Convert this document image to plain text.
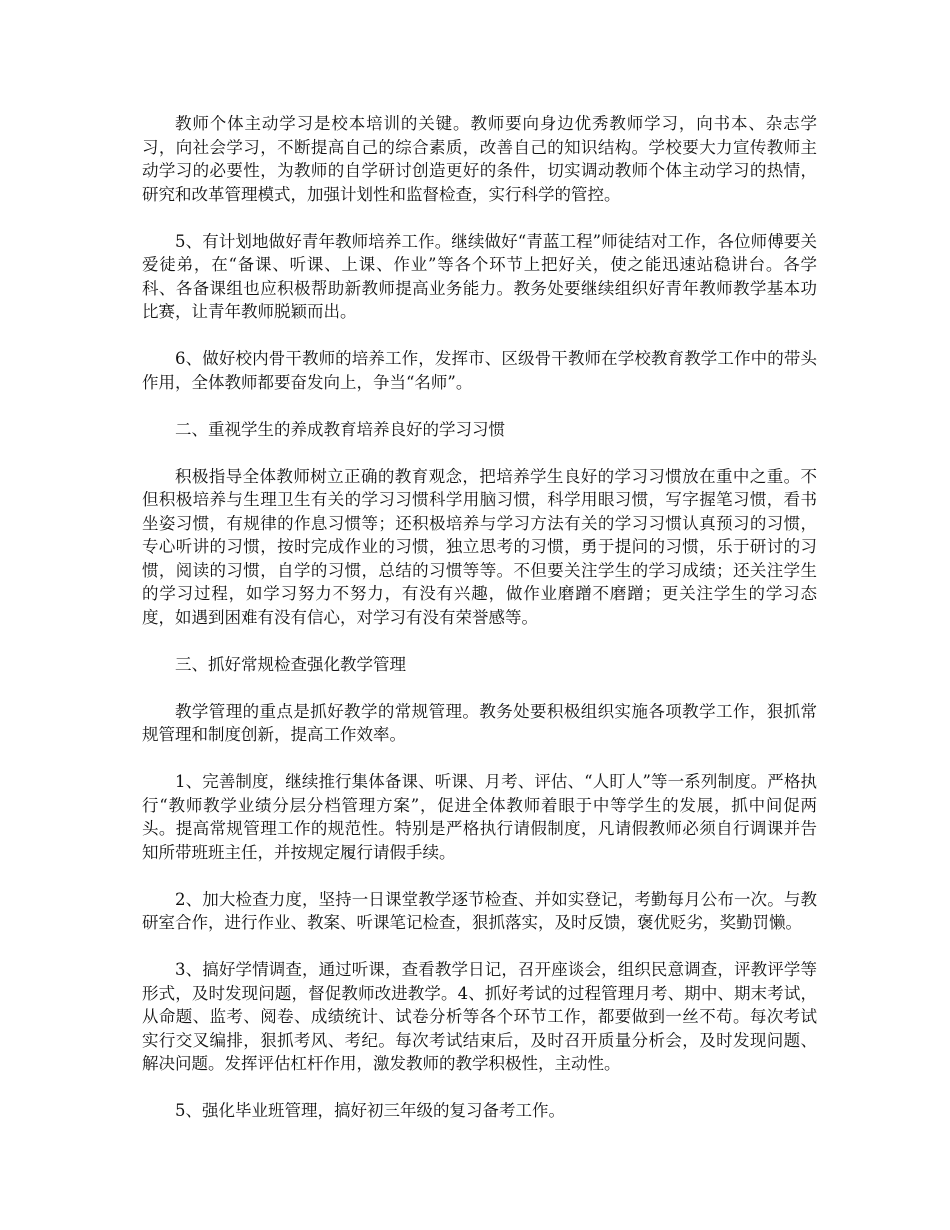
教师个体主动学习是校本培训的关键。教师要向身边优秀教师学习，向书本、杂志学习，向社会学习，不断提高自己的综合素质，改善自己的知识结构。学校要大力宣传教师主动学习的必要性，为教师的自学研讨创造更好的条件，切实调动教师个体主动学习的热情，研究和改革管理模式，加强计划性和监督检查，实行科学的管控。

5、有计划地做好青年教师培养工作。继续做好“青蓝工程”师徒结对工作，各位师傅要关爱徒弟，在“备课、听课、上课、作业”等各个环节上把好关，使之能迅速站稳讲台。各学科、各备课组也应积极帮助新教师提高业务能力。教务处要继续组织好青年教师教学基本功比赛，让青年教师脱颖而出。

6、做好校内骨干教师的培养工作，发挥市、区级骨干教师在学校教育教学工作中的带头作用，全体教师都要奋发向上，争当“名师”。

二、重视学生的养成教育培养良好的学习习惯

积极指导全体教师树立正确的教育观念，把培养学生良好的学习习惯放在重中之重。不但积极培养与生理卫生有关的学习习惯科学用脑习惯，科学用眼习惯，写字握笔习惯，看书坐姿习惯，有规律的作息习惯等；还积极培养与学习方法有关的学习习惯认真预习的习惯，专心听讲的习惯，按时完成作业的习惯，独立思考的习惯，勇于提问的习惯，乐于研讨的习惯，阅读的习惯，自学的习惯，总结的习惯等等。不但要关注学生的学习成绩；还关注学生的学习过程，如学习努力不努力，有没有兴趣，做作业磨蹭不磨蹭；更关注学生的学习态度，如遇到困难有没有信心，对学习有没有荣誉感等。

三、抓好常规检查强化教学管理

教学管理的重点是抓好教学的常规管理。教务处要积极组织实施各项教学工作，狠抓常规管理和制度创新，提高工作效率。

1、完善制度，继续推行集体备课、听课、月考、评估、“人盯人”等一系列制度。严格执行“教师教学业绩分层分档管理方案”，促进全体教师着眼于中等学生的发展，抓中间促两头。提高常规管理工作的规范性。特别是严格执行请假制度，凡请假教师必须自行调课并告知所带班班主任，并按规定履行请假手续。

2、加大检查力度，坚持一日课堂教学逐节检查、并如实登记，考勤每月公布一次。与教研室合作，进行作业、教案、听课笔记检查，狠抓落实，及时反馈，褒优贬劣，奖勤罚懒。

3、搞好学情调查，通过听课，查看教学日记，召开座谈会，组织民意调查，评教评学等形式，及时发现问题，督促教师改进教学。4、抓好考试的过程管理月考、期中、期末考试，从命题、监考、阅卷、成绩统计、试卷分析等各个环节工作，都要做到一丝不苟。每次考试实行交叉编排，狠抓考风、考纪。每次考试结束后，及时召开质量分析会，及时发现问题、解决问题。发挥评估杠杆作用，激发教师的教学积极性，主动性。

5、强化毕业班管理，搞好初三年级的复习备考工作。
